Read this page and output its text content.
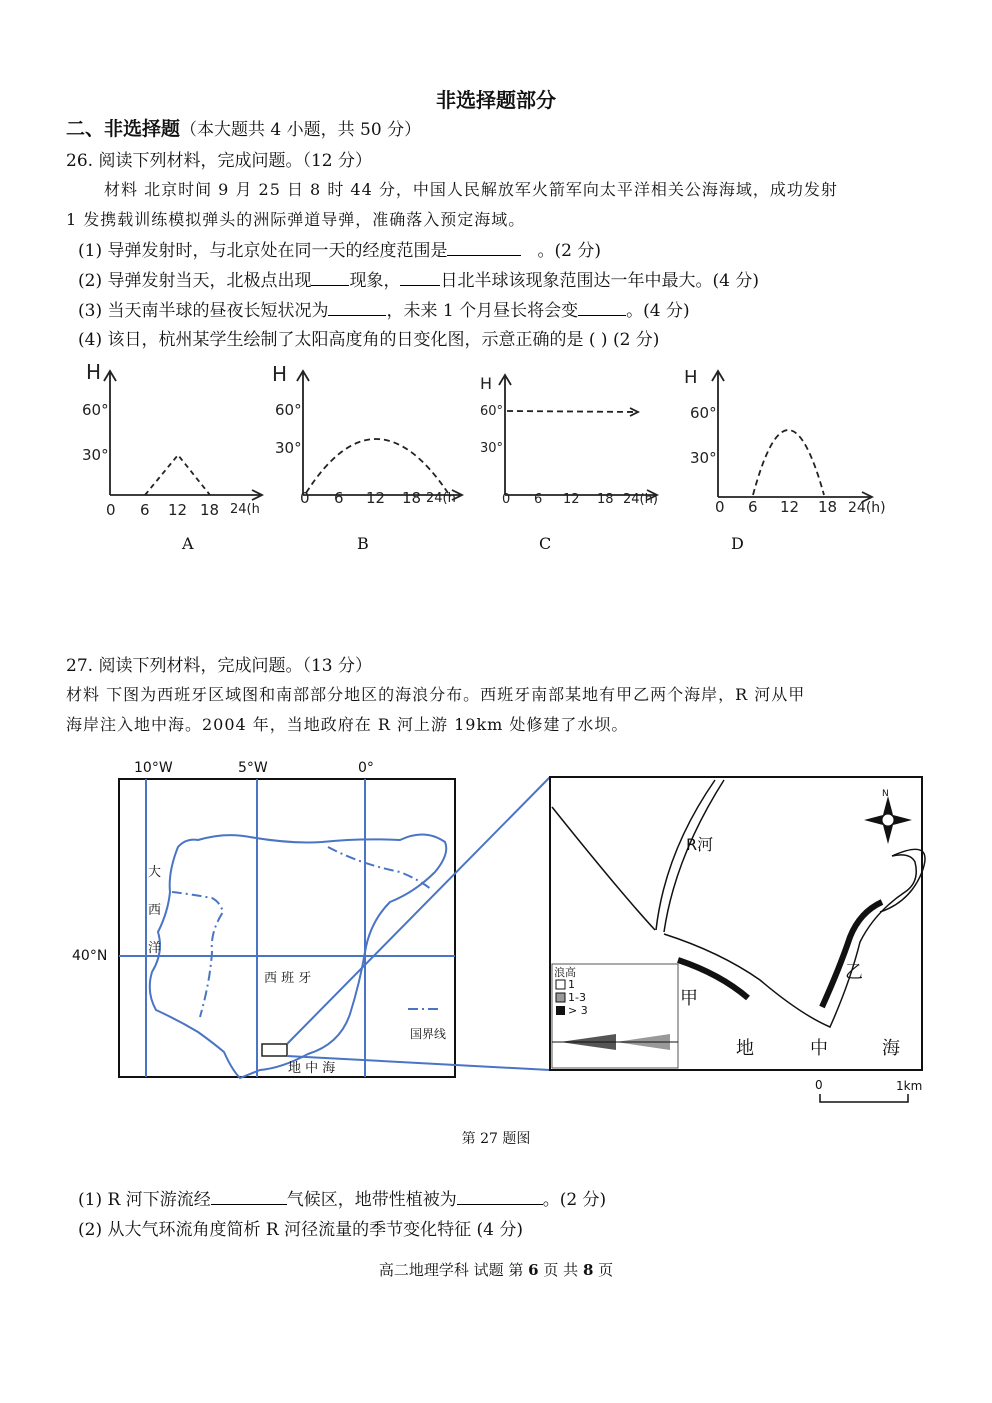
非选择题部分
二、非选择题（本大题共 4 小题，共 50 分）
26. 阅读下列材料，完成问题。（12 分）
材料 北京时间 9 月 25 日 8 时 44 分，中国人民解放军火箭军向太平洋相关公海海域，成功发射
1 发携载训练模拟弹头的洲际弹道导弹，准确落入预定海域。
(1) 导弹发射时，与北京处在同一天的经度范围是	。(2 分)
(2) 导弹发射当天，北极点出现 现象， 日北半球该现象范围达一年中最大。(4 分)
(3) 当天南半球的昼夜长短状况为	，未来 1 个月昼长将会变	。(4 分)
(4) 该日，杭州某学生绘制了太阳高度角的日变化图，示意正确的是 ( ) (2 分)
H
60°
30°
0 6 12 18 24(h
H
60°
30°
0 6 12 18 24(h
H
60°
30°
0 6 12 18 24(h)
H
60°
30°
0 6 12 18 24(h)
A	B	C	D
27. 阅读下列材料，完成问题。（13 分）
材料 下图为西班牙区域图和南部部分地区的海浪分布。西班牙南部某地有甲乙两个海岸，R 河从甲
海岸注入地中海。2004 年，当地政府在 R 河上游 19km 处修建了水坝。
10°W	5°W	0°
40°N
大
西
洋
西 班 牙
地 中 海
国界线
浪高
1
1-3
> 3
R河
甲
乙
地	中	海
N
0	1km
第 27 题图
(1) R 河下游流经	气候区，地带性植被为	。(2 分)
(2) 从大气环流角度简析 R 河径流量的季节变化特征 (4 分)
高二地理学科 试题 第 6 页 共 8 页
